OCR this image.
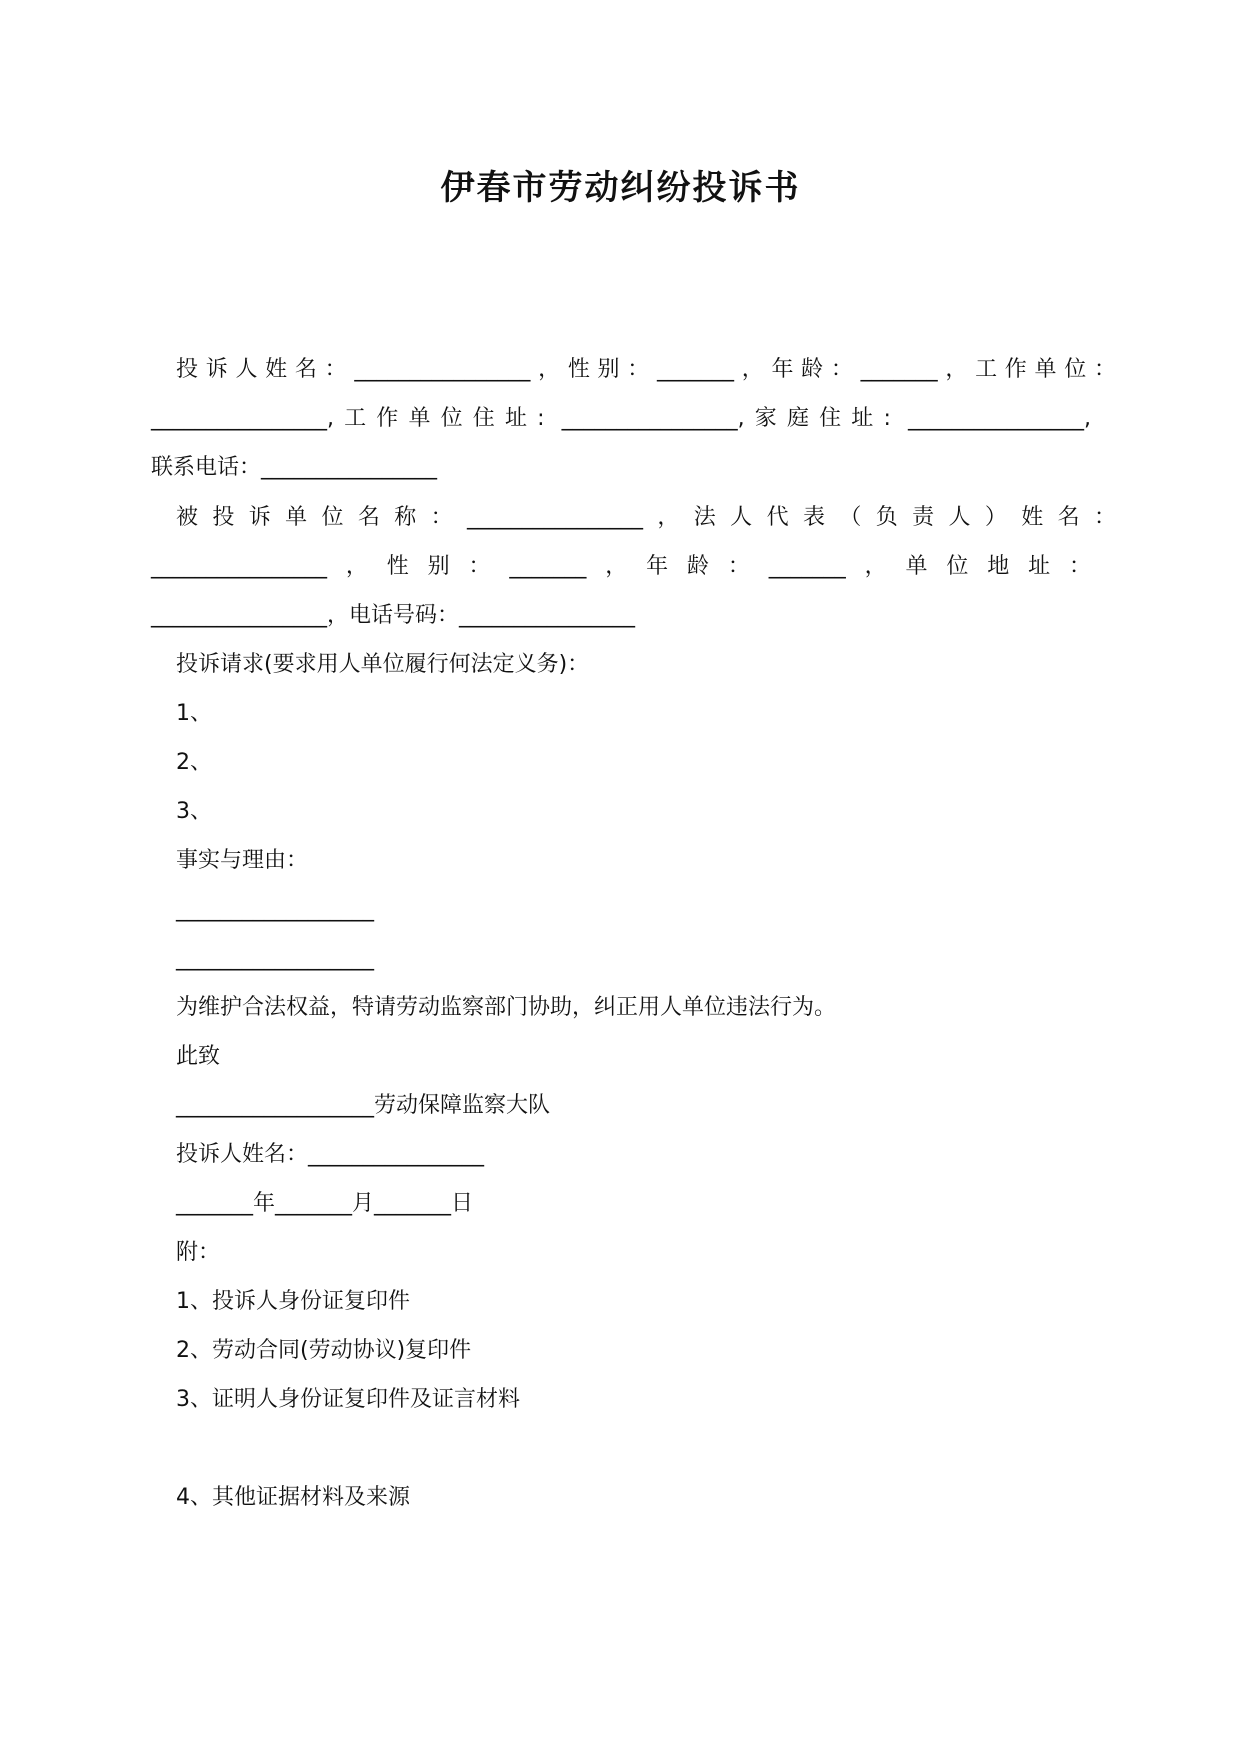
伊春市劳动纠纷投诉书
投诉人姓名：________________，性别：_______，年龄：_______，工作单位：
________________,工作单位住址: ________________,家庭住址: ________________,
联系电话：________________
被投诉单位名称：________________，法人代表（负责人）姓名：
________________，性别：_______，年龄：_______，单位地址：
________________，电话号码：________________
投诉请求(要求用人单位履行何法定义务)：
1、
2、
3、
事实与理由：
__________________
__________________
为维护合法权益，特请劳动监察部门协助，纠正用人单位违法行为。
此致
__________________劳动保障监察大队
投诉人姓名：________________
_______年_______月_______日
附：
1、投诉人身份证复印件
2、劳动合同(劳动协议)复印件
3、证明人身份证复印件及证言材料
4、其他证据材料及来源
